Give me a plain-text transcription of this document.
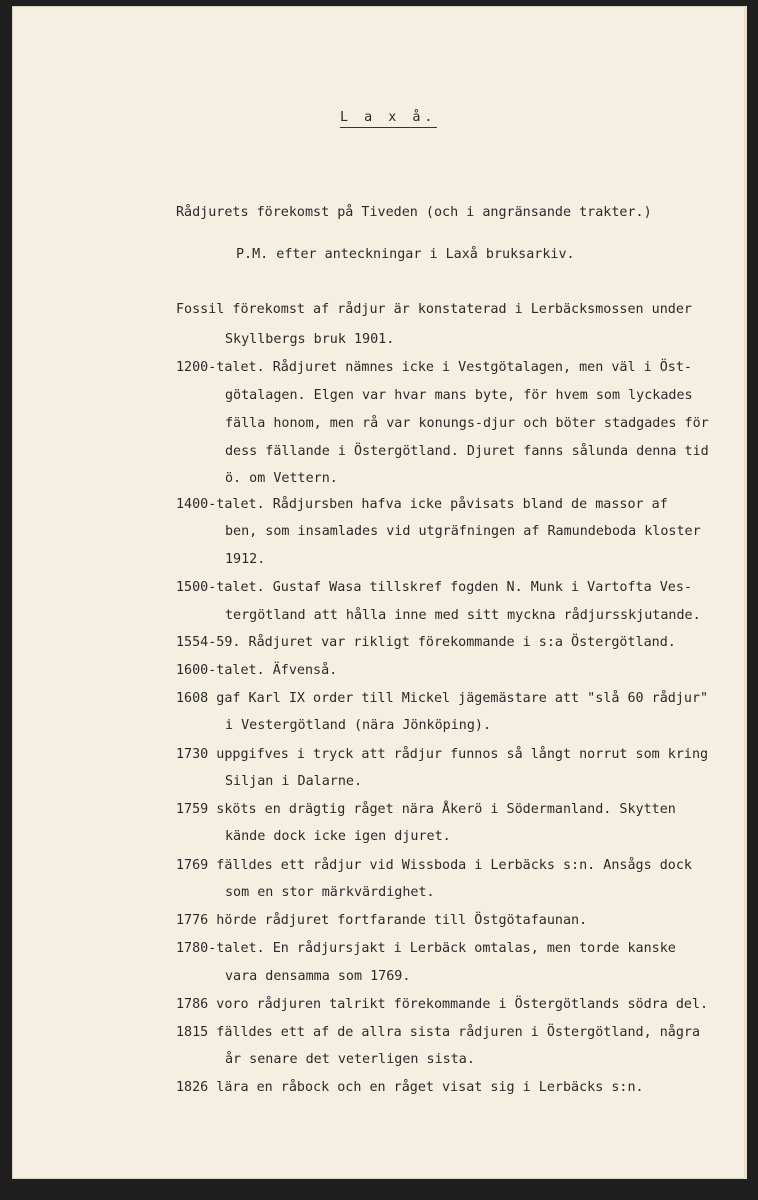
L a x å.
Rådjurets förekomst på Tiveden (och i angränsande trakter.)
P.M. efter anteckningar i Laxå bruksarkiv.
Fossil förekomst af rådjur är konstaterad i Lerbäcksmossen under
Skyllbergs bruk 1901.
1200-talet. Rådjuret nämnes icke i Vestgötalagen, men väl i Öst-
götalagen. Elgen var hvar mans byte, för hvem som lyckades
fälla honom, men rå var konungs-djur och böter stadgades för
dess fällande i Östergötland. Djuret fanns sålunda denna tid
ö. om Vettern.
1400-talet. Rådjursben hafva icke påvisats bland de massor af
ben, som insamlades vid utgräfningen af Ramundeboda kloster
1912.
1500-talet. Gustaf Wasa tillskref fogden N. Munk i Vartofta Ves-
tergötland att hålla inne med sitt myckna rådjursskjutande.
1554-59. Rådjuret var rikligt förekommande i s:a Östergötland.
1600-talet. Äfvenså.
1608 gaf Karl IX order till Mickel jägemästare att "slå 60 rådjur"
i Vestergötland (nära Jönköping).
1730 uppgifves i tryck att rådjur funnos så långt norrut som kring
Siljan i Dalarne.
1759 sköts en drägtig råget nära Åkerö i Södermanland. Skytten
kände dock icke igen djuret.
1769 fälldes ett rådjur vid Wissboda i Lerbäcks s:n. Ansågs dock
som en stor märkvärdighet.
1776 hörde rådjuret fortfarande till Östgötafaunan.
1780-talet. En rådjursjakt i Lerbäck omtalas, men torde kanske
vara densamma som 1769.
1786 voro rådjuren talrikt förekommande i Östergötlands södra del.
1815 fälldes ett af de allra sista rådjuren i Östergötland, några
år senare det veterligen sista.
1826 lära en råbock och en råget visat sig i Lerbäcks s:n.
